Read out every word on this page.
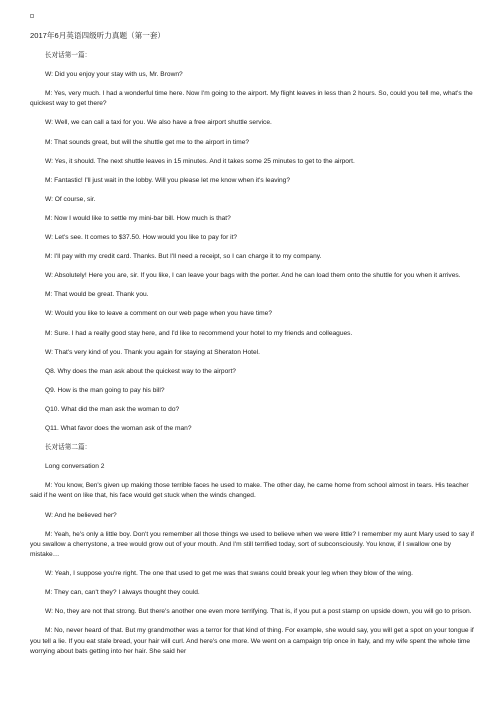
2017年6月英语四级听力真题（第一套）

长对话第一篇：

W: Did you enjoy your stay with us, Mr. Brown?

M: Yes, very much. I had a wonderful time here. Now I'm going to the airport. My flight leaves in less than 2 hours. So, could you tell me, what's the quickest way to get there?

W: Well, we can call a taxi for you. We also have a free airport shuttle service.

M: That sounds great, but will the shuttle get me to the airport in time?

W: Yes, it should. The next shuttle leaves in 15 minutes. And it takes some 25 minutes to get to the airport.

M: Fantastic! I'll just wait in the lobby. Will you please let me know when it's leaving?

W: Of course, sir.

M: Now I would like to settle my mini-bar bill. How much is that?

W: Let's see. It comes to $37.50. How would you like to pay for it?

M: I'll pay with my credit card. Thanks. But I'll need a receipt, so I can charge it to my company.

W: Absolutely! Here you are, sir. If you like, I can leave your bags with the porter. And he can load them onto the shuttle for you when it arrives.

M: That would be great. Thank you.

W: Would you like to leave a comment on our web page when you have time?

M: Sure. I had a really good stay here, and I'd like to recommend your hotel to my friends and colleagues.

W: That's very kind of you. Thank you again for staying at Sheraton Hotel.

Q8. Why does the man ask about the quickest way to the airport?

Q9. How is the man going to pay his bill?

Q10. What did the man ask the woman to do?

Q11. What favor does the woman ask of the man?

长对话第二篇：

Long conversation 2

M: You know, Ben's given up making those terrible faces he used to make. The other day, he came home from school almost in tears. His teacher said if he went on like that, his face would get stuck when the winds changed.

W: And he believed her?

M: Yeah, he's only a little boy. Don't you remember all those things we used to believe when we were little? I remember my aunt Mary used to say if you swallow a cherrystone, a tree would grow out of your mouth. And I'm still terrified today, sort of subconsciously. You know, if I swallow one by mistake…

W: Yeah, I suppose you're right. The one that used to get me was that swans could break your leg when they blow of the wing.

M: They can, can't they? I always thought they could.

W: No, they are not that strong. But there's another one even more terrifying. That is, if you put a post stamp on upside down, you will go to prison.

M: No, never heard of that. But my grandmother was a terror for that kind of thing. For example, she would say, you will get a spot on your tongue if you tell a lie. If you eat stale bread, your hair will curl. And here's one more. We went on a campaign trip once in Italy, and my wife spent the whole time worrying about bats getting into her hair. She said her
